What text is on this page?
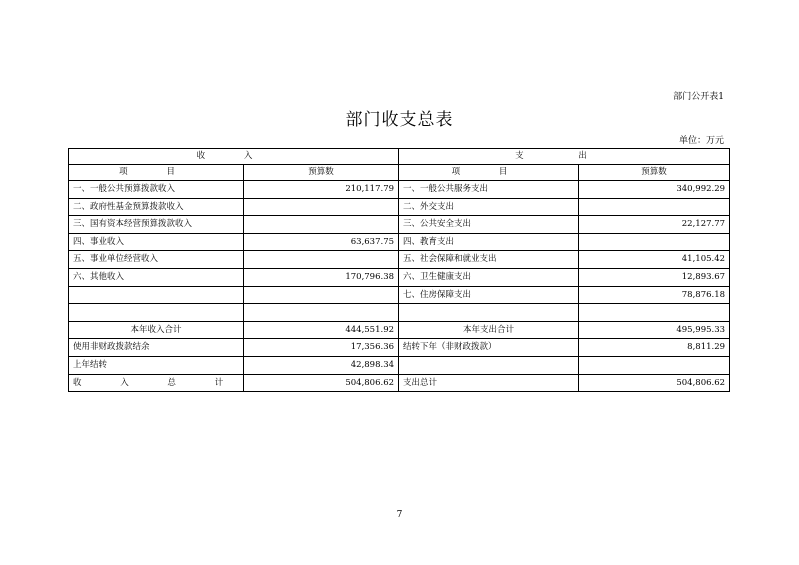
部门公开表1
部门收支总表
单位：万元
收 入		支 出	
项 目	预算数	项 目	预算数
一、一般公共预算拨款收入	210,117.79	一、一般公共服务支出	340,992.29
二、政府性基金预算拨款收入		二、外交支出	
三、国有资本经营预算拨款收入		三、公共安全支出	22,127.77
四、事业收入	63,637.75	四、教育支出	
五、事业单位经营收入		五、社会保障和就业支出	41,105.42
六、其他收入	170,796.38	六、卫生健康支出	12,893.67
		七、住房保障支出	78,876.18

本年收入合计	444,551.92	本年支出合计	495,995.33
使用非财政拨款结余	17,356.36	结转下年（非财政拨款）	8,811.29
上年结转	42,898.34		
收 入 总 计	504,806.62	支出总计	504,806.62
7
